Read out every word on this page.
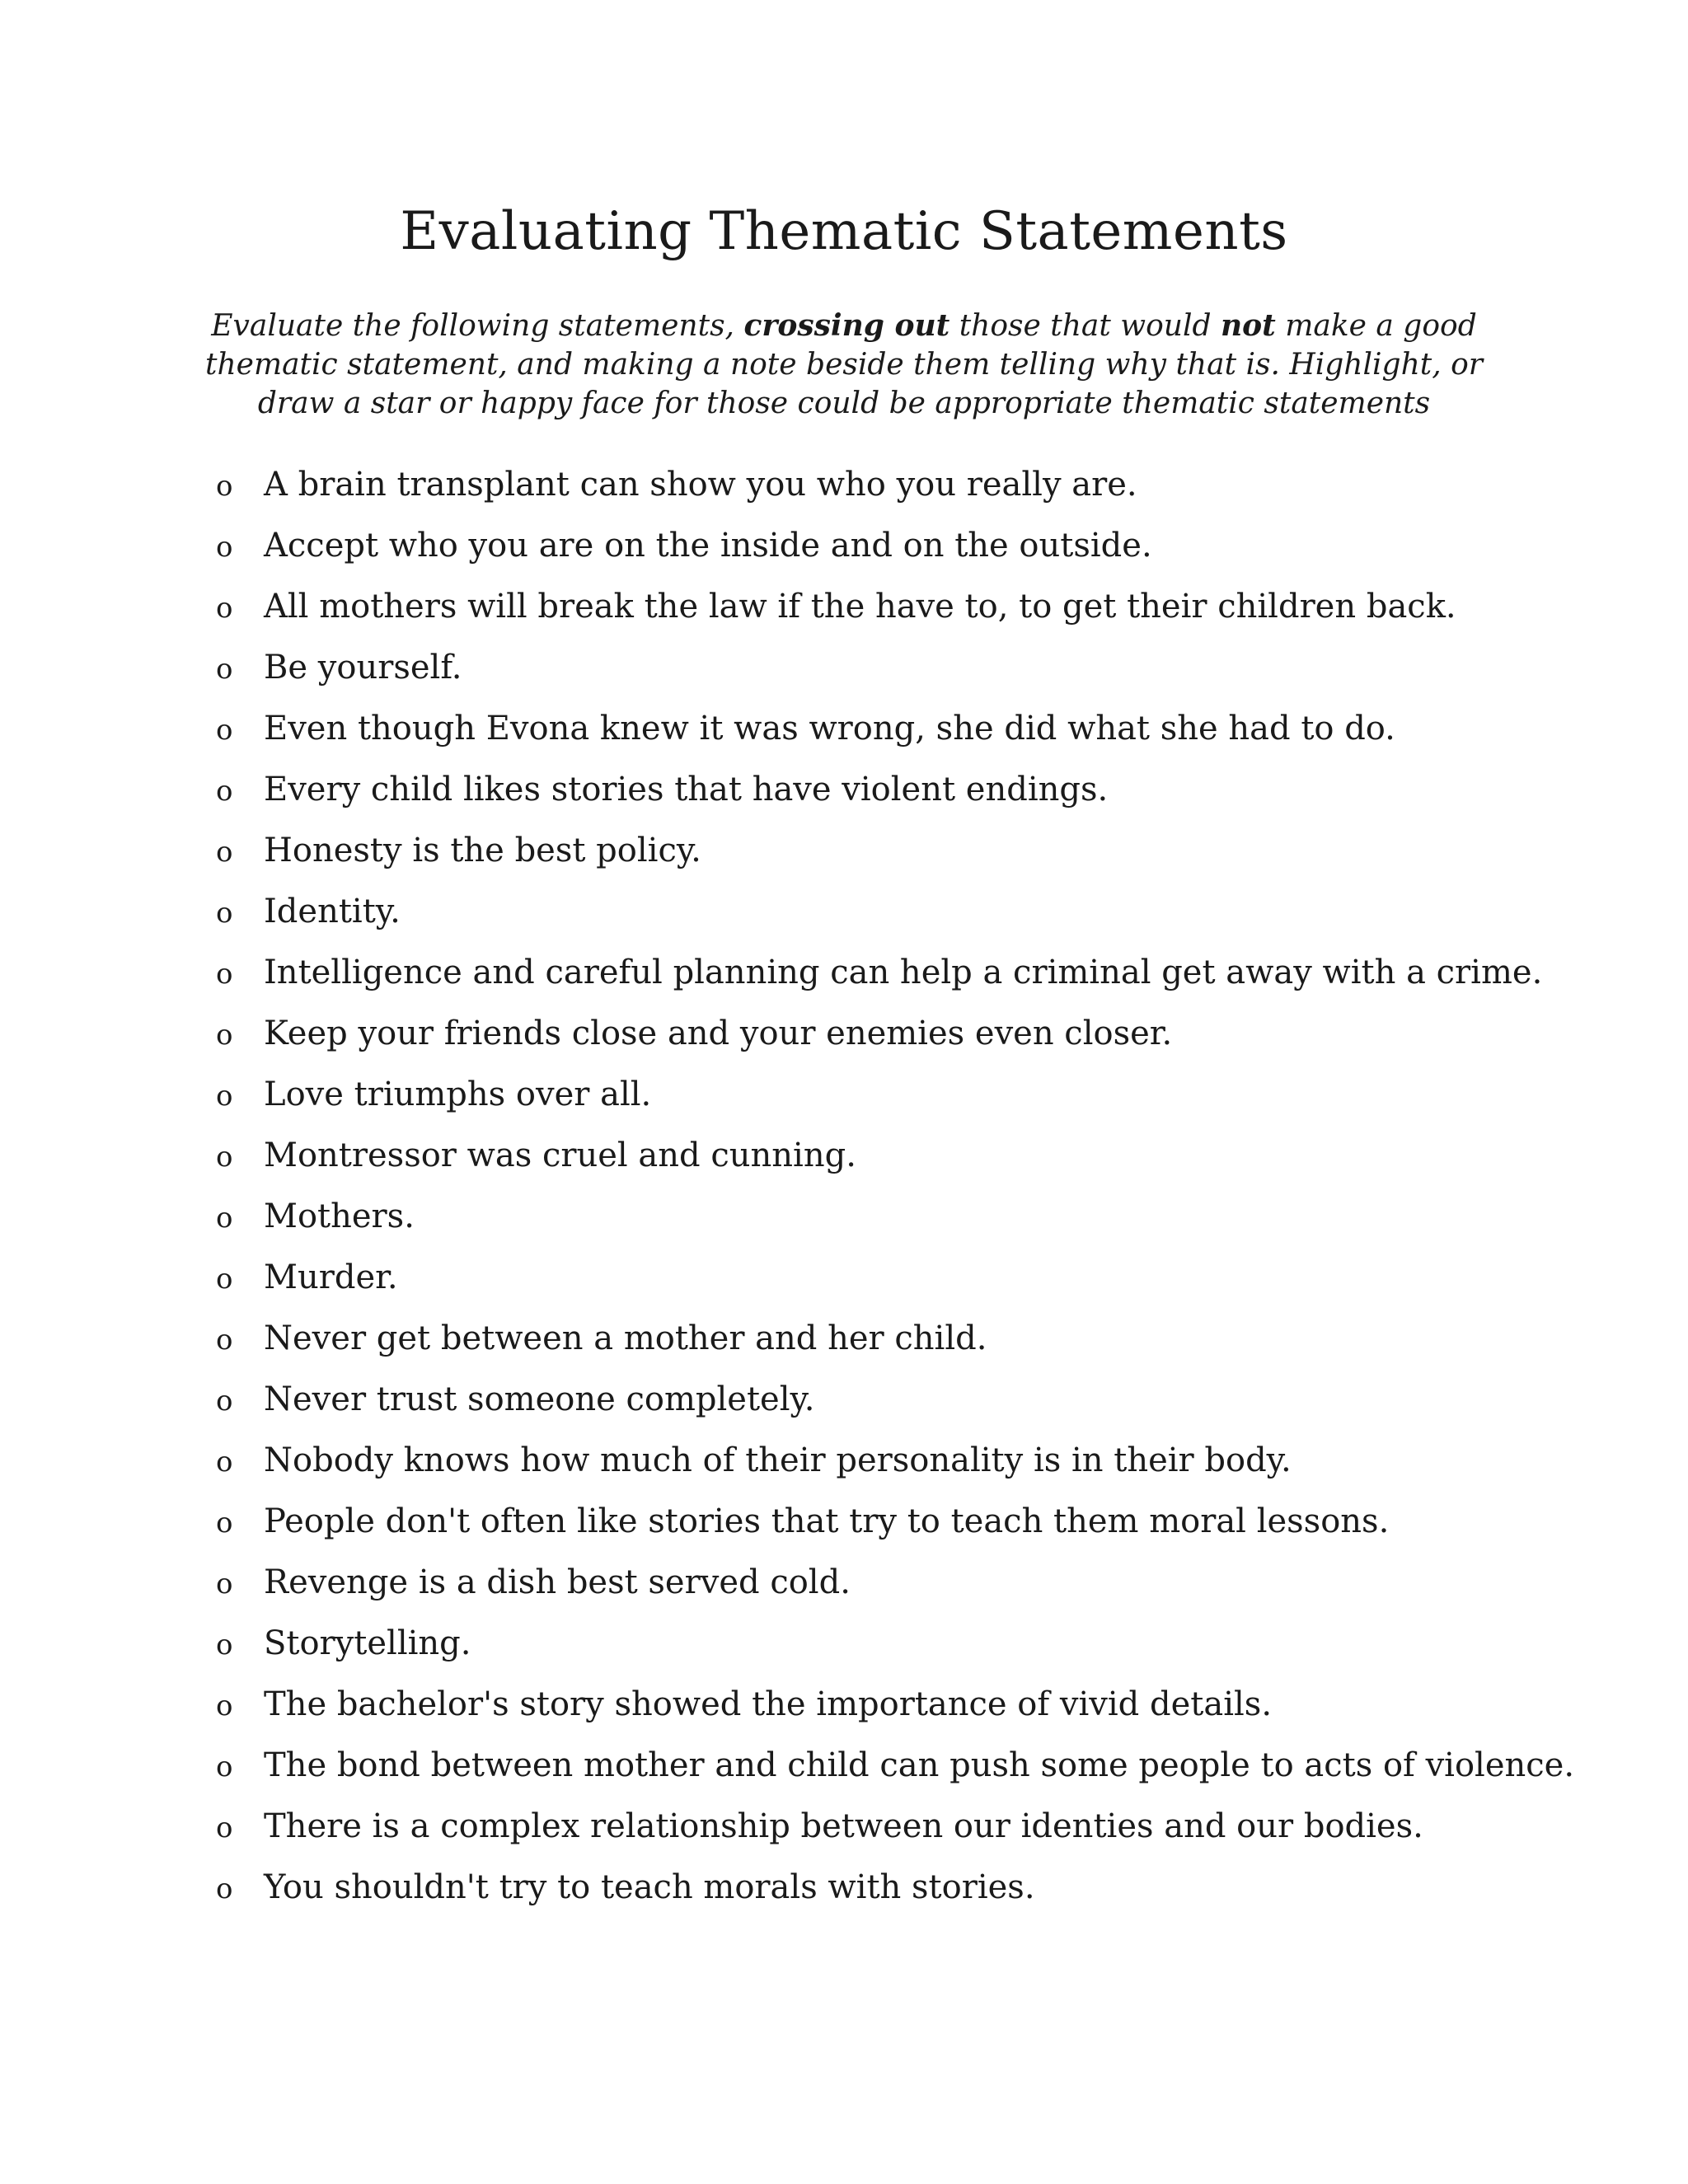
Evaluating Thematic Statements

Evaluate the following statements, crossing out those that would not make a good thematic statement, and making a note beside them telling why that is. Highlight, or draw a star or happy face for those could be appropriate thematic statements

o A brain transplant can show you who you really are.
o Accept who you are on the inside and on the outside.
o All mothers will break the law if the have to, to get their children back.
o Be yourself.
o Even though Evona knew it was wrong, she did what she had to do.
o Every child likes stories that have violent endings.
o Honesty is the best policy.
o Identity.
o Intelligence and careful planning can help a criminal get away with a crime.
o Keep your friends close and your enemies even closer.
o Love triumphs over all.
o Montressor was cruel and cunning.
o Mothers.
o Murder.
o Never get between a mother and her child.
o Never trust someone completely.
o Nobody knows how much of their personality is in their body.
o People don't often like stories that try to teach them moral lessons.
o Revenge is a dish best served cold.
o Storytelling.
o The bachelor's story showed the importance of vivid details.
o The bond between mother and child can push some people to acts of violence.
o There is a complex relationship between our identies and our bodies.
o You shouldn't try to teach morals with stories.
